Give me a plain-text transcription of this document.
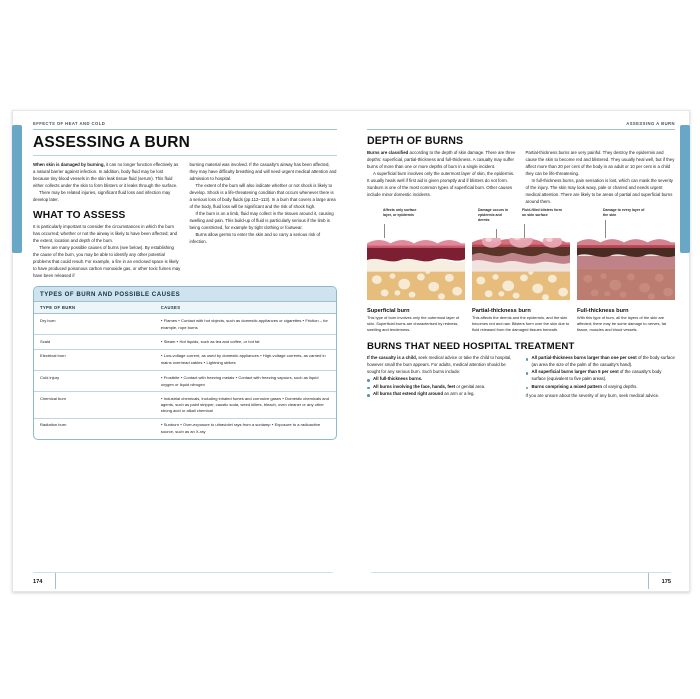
EFFECTS OF HEAT AND COLD
ASSESSING A BURN

When skin is damaged by burning, it can no longer function effectively as a natural barrier against infection. In addition, body fluid may be lost because tiny blood vessels in the skin leak tissue fluid (serum). This fluid either collects under the skin to form blisters or it leaks through the surface.

There may be related injuries, significant fluid loss and infection may develop later.

WHAT TO ASSESS

It is particularly important to consider the circumstances in which the burn has occurred; whether or not the airway is likely to have been affected; and the extent, location and depth of the burn.

There are many possible causes of burns (see below). By establishing the cause of the burn, you may be able to identify any other potential problems that could result. For example, a fire in an enclosed space is likely to have produced poisonous carbon monoxide gas, or other toxic fumes may have been released if

burning material was involved. If the casualty's airway has been affected, they may have difficulty breathing and will need urgent medical attention and admission to hospital.

The extent of the burn will also indicate whether or not shock is likely to develop. Shock is a life-threatening condition that occurs whenever there is a serious loss of body fluids (pp.112–113). In a burn that covers a large area of the body, fluid loss will be significant and the risk of shock high.

If the burn is on a limb, fluid may collect in the tissues around it, causing swelling and pain. This build-up of fluid is particularly serious if the limb is being constricted, for example by tight clothing or footwear.

Burns allow germs to enter the skin and so carry a serious risk of infection.

TYPES OF BURN AND POSSIBLE CAUSES
TYPE OF BURN	CAUSES
Dry burn	▪ Flames ▪ Contact with hot objects, such as domestic appliances or cigarettes ▪ Friction – for example, rope burns
Scald	▪ Steam ▪ Hot liquids, such as tea and coffee, or hot fat
Electrical burn	▪ Low-voltage current, as used by domestic appliances ▪ High-voltage currents, as carried in mains overhead cables ▪ Lightning strikes
Cold injury	▪ Frostbite ▪ Contact with freezing metals ▪ Contact with freezing vapours, such as liquid oxygen or liquid nitrogen
Chemical burn	▪ Industrial chemicals, including inhaled fumes and corrosive gases ▪ Domestic chemicals and agents, such as paint stripper, caustic soda, weed killers, bleach, oven cleaner or any other strong acid or alkali chemical
Radiation burn	▪ Sunburn ▪ Over-exposure to ultraviolet rays from a sunlamp ▪ Exposure to a radioactive source, such as an X-ray
174
ASSESSING A BURN
DEPTH OF BURNS

Burns are classified according to the depth of skin damage. There are three depths: superficial, partial-thickness and full-thickness. A casualty may suffer burns of more than one or more depths of burn in a single incident.

A superficial burn involves only the outermost layer of skin, the epidermis. It usually heals well if first aid is given promptly and if blisters do not form. Sunburn is one of the most common types of superficial burn. Other causes include minor domestic incidents.

Partial-thickness burns are very painful. They destroy the epidermis and cause the skin to become red and blistered. They usually heal well, but if they affect more than 20 per cent of the body in an adult or 10 per cent in a child they can be life-threatening.

In full-thickness burns, pain sensation is lost, which can mask the severity of the injury. The skin may look waxy, pale or charred and needs urgent medical attention. There are likely to be areas of partial and superficial burns around them.

Affects only surface layer, or epidermis
Superficial burn

This type of burn involves only the outermost layer of skin. Superficial burns are characterised by redness, swelling and tenderness.

Damage occurs in epidermis and dermis
Fluid-filled blisters form on skin surface
Partial-thickness burn

This affects the dermis and the epidermis, and the skin becomes red and raw. Blisters form over the skin due to fluid released from the damaged tissues beneath.

Damage to every layer of the skin
Full-thickness burn

With this type of burn, all the layers of the skin are affected; there may be some damage to nerves, fat tissue, muscles and blood vessels.

BURNS THAT NEED HOSPITAL TREATMENT

If the casualty is a child, seek medical advice or take the child to hospital, however small the burn appears. For adults, medical attention should be sought for any serious burn. Such burns include:

All full-thickness burns.
All burns involving the face, hands, feet or genital area.
All burns that extend right around an arm or a leg.
All partial-thickness burns larger than one per cent of the body surface (an area the size of the palm of the casualty's hand).
All superficial burns larger than 5 per cent of the casualty's body surface (equivalent to five palm areas).
Burns comprising a mixed pattern of varying depths.

If you are unsure about the severity of any burn, seek medical advice.

175
